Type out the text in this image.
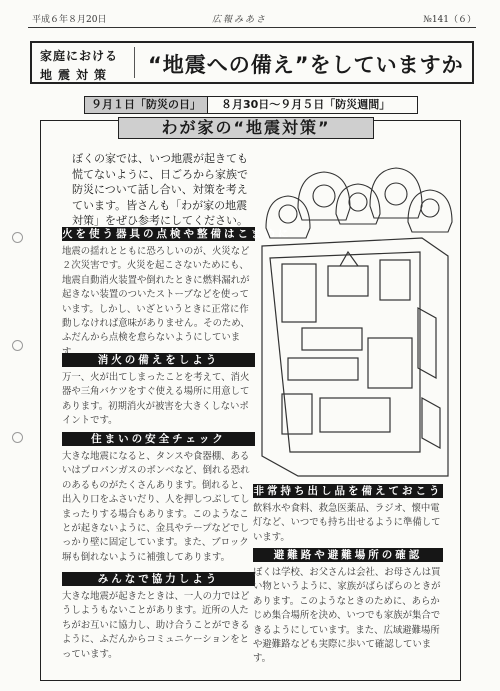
平成６年８月20日	広報みあさ	№141（６）
家庭における
地震対策 “地震への備え”をしていますか
９月１日「防災の日」	８月30日〜９月５日「防災週間」
わが家の“地震対策”
ぼくの家では、いつ地震が起きても慌てないように、日ごろから家族で防災について話し合い、対策を考えています。皆さんも「わが家の地震対策」をぜひ参考にしてください。
火を使う器具の点検や整備はこまめに
地震の揺れとともに恐ろしいのが、火災など２次災害です。火災を起こさないためにも、地震自動消火装置や倒れたときに燃料漏れが起きない装置のついたストーブなどを使っています。しかし、いざというときに正常に作動しなければ意味がありません。そのため、ふだんから点検を怠らないようにしていま
消火の備えをしよう
万一、火が出てしまったことを考えて、消火器や三角バケツをすぐ使える場所に用意してあります。初期消火が被害を大きくしないポイントです。
住まいの安全チェック
大きな地震になると、タンスや食器棚、あるいはプロパンガスのボンベなど、倒れる恐れのあるものがたくさんあります。倒れると、出入り口をふさいだり、人を押しつぶしてしまったりする場合もあります。このようなことが起きないように、金具やテープなどでしっかり壁に固定しています。また、ブロック塀も倒れないように補強してあります。
みんなで協力しよう
大きな地震が起きたときは、一人の力ではどうしようもないことがあります。近所の人たちがお互いに協力し、助け合うことができるように、ふだんからコミュニケーションをとっています。
非常持ち出し品を備えておこう
飲料水や食料、救急医薬品、ラジオ、懐中電灯など、いつでも持ち出せるように準備しています。
避難路や避難場所の確認
ぼくは学校、お父さんは会社、お母さんは買い物というように、家族がばらばらのときがあります。このようなときのために、あらかじめ集合場所を決め、いつでも家族が集合できるようにしています。また、広域避難場所や避難路なども実際に歩いて確認しています。
